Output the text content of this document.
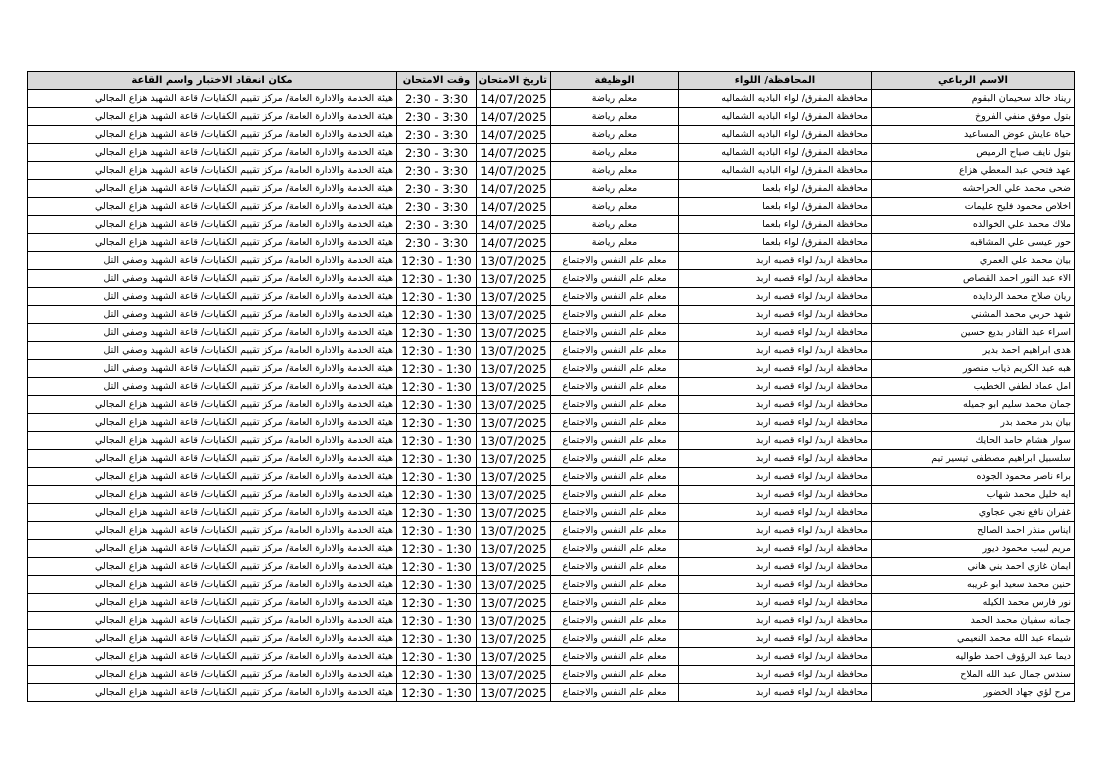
الاسم الرباعي	المحافظة/ اللواء	الوظيفة	تاريخ الامتحان	وقت الامتحان	مكان انعقاد الاختبار واسم القاعة
ريناد خالد سحيمان البقوم	محافظة المفرق/ لواء الباديه الشماليه	معلم رياضة	14/07/2025	2:30 - 3:30	هيئة الخدمة والادارة العامة/ مركز تقييم الكفايات/ قاعة الشهيد هزاع المجالي
بتول موفق منفي الفروخ	محافظة المفرق/ لواء الباديه الشماليه	معلم رياضة	14/07/2025	2:30 - 3:30	هيئة الخدمة والادارة العامة/ مركز تقييم الكفايات/ قاعة الشهيد هزاع المجالي
حياة عايش عوض المساعيد	محافظة المفرق/ لواء الباديه الشماليه	معلم رياضة	14/07/2025	2:30 - 3:30	هيئة الخدمة والادارة العامة/ مركز تقييم الكفايات/ قاعة الشهيد هزاع المجالي
بتول نايف صياح الرميص	محافظة المفرق/ لواء الباديه الشماليه	معلم رياضة	14/07/2025	2:30 - 3:30	هيئة الخدمة والادارة العامة/ مركز تقييم الكفايات/ قاعة الشهيد هزاع المجالي
عهد فتحي عبد المعطي هزاع	محافظة المفرق/ لواء الباديه الشماليه	معلم رياضة	14/07/2025	2:30 - 3:30	هيئة الخدمة والادارة العامة/ مركز تقييم الكفايات/ قاعة الشهيد هزاع المجالي
ضحى محمد علي الحراحشه	محافظة المفرق/ لواء بلعما	معلم رياضة	14/07/2025	2:30 - 3:30	هيئة الخدمة والادارة العامة/ مركز تقييم الكفايات/ قاعة الشهيد هزاع المجالي
اخلاص محمود فليح عليمات	محافظة المفرق/ لواء بلعما	معلم رياضة	14/07/2025	2:30 - 3:30	هيئة الخدمة والادارة العامة/ مركز تقييم الكفايات/ قاعة الشهيد هزاع المجالي
ملاك محمد علي الخوالده	محافظة المفرق/ لواء بلعما	معلم رياضة	14/07/2025	2:30 - 3:30	هيئة الخدمة والادارة العامة/ مركز تقييم الكفايات/ قاعة الشهيد هزاع المجالي
حور عيسى علي المشاقبه	محافظة المفرق/ لواء بلعما	معلم رياضة	14/07/2025	2:30 - 3:30	هيئة الخدمة والادارة العامة/ مركز تقييم الكفايات/ قاعة الشهيد هزاع المجالي
بيان محمد علي العمري	محافظة اربد/ لواء قصبه اربد	معلم علم النفس والاجتماع	13/07/2025	12:30 - 1:30	هيئة الخدمة والادارة العامة/ مركز تقييم الكفايات/ قاعة الشهيد وصفي التل
الاء عبد النور احمد القصاص	محافظة اربد/ لواء قصبه اربد	معلم علم النفس والاجتماع	13/07/2025	12:30 - 1:30	هيئة الخدمة والادارة العامة/ مركز تقييم الكفايات/ قاعة الشهيد وصفي التل
ريان صلاح محمد الردايده	محافظة اربد/ لواء قصبه اربد	معلم علم النفس والاجتماع	13/07/2025	12:30 - 1:30	هيئة الخدمة والادارة العامة/ مركز تقييم الكفايات/ قاعة الشهيد وصفي التل
شهد حربي محمد المشني	محافظة اربد/ لواء قصبه اربد	معلم علم النفس والاجتماع	13/07/2025	12:30 - 1:30	هيئة الخدمة والادارة العامة/ مركز تقييم الكفايات/ قاعة الشهيد وصفي التل
اسراء عبد القادر بديع حسين	محافظة اربد/ لواء قصبه اربد	معلم علم النفس والاجتماع	13/07/2025	12:30 - 1:30	هيئة الخدمة والادارة العامة/ مركز تقييم الكفايات/ قاعة الشهيد وصفي التل
هدى ابراهيم احمد بدير	محافظة اربد/ لواء قصبه اربد	معلم علم النفس والاجتماع	13/07/2025	12:30 - 1:30	هيئة الخدمة والادارة العامة/ مركز تقييم الكفايات/ قاعة الشهيد وصفي التل
هبه عبد الكريم ذياب منصور	محافظة اربد/ لواء قصبه اربد	معلم علم النفس والاجتماع	13/07/2025	12:30 - 1:30	هيئة الخدمة والادارة العامة/ مركز تقييم الكفايات/ قاعة الشهيد وصفي التل
امل عماد لطفي الخطيب	محافظة اربد/ لواء قصبه اربد	معلم علم النفس والاجتماع	13/07/2025	12:30 - 1:30	هيئة الخدمة والادارة العامة/ مركز تقييم الكفايات/ قاعة الشهيد وصفي التل
جمان محمد سليم ابو جميله	محافظة اربد/ لواء قصبه اربد	معلم علم النفس والاجتماع	13/07/2025	12:30 - 1:30	هيئة الخدمة والادارة العامة/ مركز تقييم الكفايات/ قاعة الشهيد هزاع المجالي
بيان بدر محمد بدر	محافظة اربد/ لواء قصبه اربد	معلم علم النفس والاجتماع	13/07/2025	12:30 - 1:30	هيئة الخدمة والادارة العامة/ مركز تقييم الكفايات/ قاعة الشهيد هزاع المجالي
سوار هشام حامد الحايك	محافظة اربد/ لواء قصبه اربد	معلم علم النفس والاجتماع	13/07/2025	12:30 - 1:30	هيئة الخدمة والادارة العامة/ مركز تقييم الكفايات/ قاعة الشهيد هزاع المجالي
سلسبيل ابراهيم مصطفى تيسير تيم	محافظة اربد/ لواء قصبه اربد	معلم علم النفس والاجتماع	13/07/2025	12:30 - 1:30	هيئة الخدمة والادارة العامة/ مركز تقييم الكفايات/ قاعة الشهيد هزاع المجالي
براء ناصر محمود الجوده	محافظة اربد/ لواء قصبه اربد	معلم علم النفس والاجتماع	13/07/2025	12:30 - 1:30	هيئة الخدمة والادارة العامة/ مركز تقييم الكفايات/ قاعة الشهيد هزاع المجالي
ايه خليل محمد شهاب	محافظة اربد/ لواء قصبه اربد	معلم علم النفس والاجتماع	13/07/2025	12:30 - 1:30	هيئة الخدمة والادارة العامة/ مركز تقييم الكفايات/ قاعة الشهيد هزاع المجالي
غفران نافع نجي عجاوي	محافظة اربد/ لواء قصبه اربد	معلم علم النفس والاجتماع	13/07/2025	12:30 - 1:30	هيئة الخدمة والادارة العامة/ مركز تقييم الكفايات/ قاعة الشهيد هزاع المجالي
ايناس منذر احمد الصالح	محافظة اربد/ لواء قصبه اربد	معلم علم النفس والاجتماع	13/07/2025	12:30 - 1:30	هيئة الخدمة والادارة العامة/ مركز تقييم الكفايات/ قاعة الشهيد هزاع المجالي
مريم لبيب محمود ديور	محافظة اربد/ لواء قصبه اربد	معلم علم النفس والاجتماع	13/07/2025	12:30 - 1:30	هيئة الخدمة والادارة العامة/ مركز تقييم الكفايات/ قاعة الشهيد هزاع المجالي
ايمان غازي احمد بني هاني	محافظة اربد/ لواء قصبه اربد	معلم علم النفس والاجتماع	13/07/2025	12:30 - 1:30	هيئة الخدمة والادارة العامة/ مركز تقييم الكفايات/ قاعة الشهيد هزاع المجالي
حنين محمد سعيد ابو غريبه	محافظة اربد/ لواء قصبه اربد	معلم علم النفس والاجتماع	13/07/2025	12:30 - 1:30	هيئة الخدمة والادارة العامة/ مركز تقييم الكفايات/ قاعة الشهيد هزاع المجالي
نور فارس محمد الكيله	محافظة اربد/ لواء قصبه اربد	معلم علم النفس والاجتماع	13/07/2025	12:30 - 1:30	هيئة الخدمة والادارة العامة/ مركز تقييم الكفايات/ قاعة الشهيد هزاع المجالي
جمانه سفيان محمد الحمد	محافظة اربد/ لواء قصبه اربد	معلم علم النفس والاجتماع	13/07/2025	12:30 - 1:30	هيئة الخدمة والادارة العامة/ مركز تقييم الكفايات/ قاعة الشهيد هزاع المجالي
شيماء عبد الله محمد النعيمي	محافظة اربد/ لواء قصبه اربد	معلم علم النفس والاجتماع	13/07/2025	12:30 - 1:30	هيئة الخدمة والادارة العامة/ مركز تقييم الكفايات/ قاعة الشهيد هزاع المجالي
ديما عبد الرؤوف احمد طواليه	محافظة اربد/ لواء قصبه اربد	معلم علم النفس والاجتماع	13/07/2025	12:30 - 1:30	هيئة الخدمة والادارة العامة/ مركز تقييم الكفايات/ قاعة الشهيد هزاع المجالي
سندس جمال عبد الله الملاح	محافظة اربد/ لواء قصبه اربد	معلم علم النفس والاجتماع	13/07/2025	12:30 - 1:30	هيئة الخدمة والادارة العامة/ مركز تقييم الكفايات/ قاعة الشهيد هزاع المجالي
مرح لؤي جهاد الخضور	محافظة اربد/ لواء قصبه اربد	معلم علم النفس والاجتماع	13/07/2025	12:30 - 1:30	هيئة الخدمة والادارة العامة/ مركز تقييم الكفايات/ قاعة الشهيد هزاع المجالي
